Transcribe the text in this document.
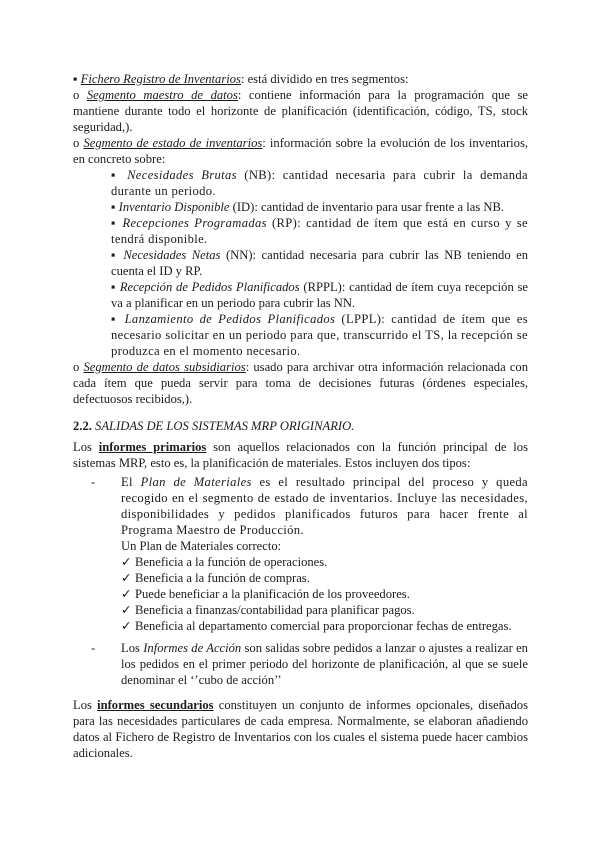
▪ Fichero Registro de Inventarios: está dividido en tres segmentos:

o Segmento maestro de datos: contiene información para la programación que se mantiene durante todo el horizonte de planificación (identificación, código, TS, stock seguridad,).

o Segmento de estado de inventarios: información sobre la evolución de los inventarios, en concreto sobre:

▪ Necesidades Brutas (NB): cantidad necesaria para cubrir la demanda durante un periodo.

▪ Inventario Disponible (ID): cantidad de inventario para usar frente a las NB.

▪ Recepciones Programadas (RP): cantidad de ítem que está en curso y se tendrá disponible.

▪ Necesidades Netas (NN): cantidad necesaria para cubrir las NB teniendo en cuenta el ID y RP.

▪ Recepción de Pedidos Planificados (RPPL): cantidad de ítem cuya recepción se va a planificar en un periodo para cubrir las NN.

▪ Lanzamiento de Pedidos Planificados (LPPL): cantidad de ítem que es necesario solicitar en un periodo para que, transcurrido el TS, la recepción se produzca en el momento necesario.

o Segmento de datos subsidiarios: usado para archivar otra información relacionada con cada ítem que pueda servir para toma de decisiones futuras (órdenes especiales, defectuosos recibidos,).

2.2. SALIDAS DE LOS SISTEMAS MRP ORIGINARIO.

Los informes primarios son aquellos relacionados con la función principal de los sistemas MRP, esto es, la planificación de materiales. Estos incluyen dos tipos:

-	El Plan de Materiales es el resultado principal del proceso y queda recogido en el segmento de estado de inventarios. Incluye las necesidades, disponibilidades y pedidos planificados futuros para hacer frente al Programa Maestro de Producción.

Un Plan de Materiales correcto:

✓ Beneficia a la función de operaciones.
✓ Beneficia a la función de compras.
✓ Puede beneficiar a la planificación de los proveedores.
✓ Beneficia a finanzas/contabilidad para planificar pagos.
✓ Beneficia al departamento comercial para proporcionar fechas de entregas.
-	Los Informes de Acción son salidas sobre pedidos a lanzar o ajustes a realizar en los pedidos en el primer periodo del horizonte de planificación, al que se suele denominar el ‘’cubo de acción’’

Los informes secundarios constituyen un conjunto de informes opcionales, diseñados para las necesidades particulares de cada empresa. Normalmente, se elaboran añadiendo datos al Fichero de Registro de Inventarios con los cuales el sistema puede hacer cambios adicionales.
